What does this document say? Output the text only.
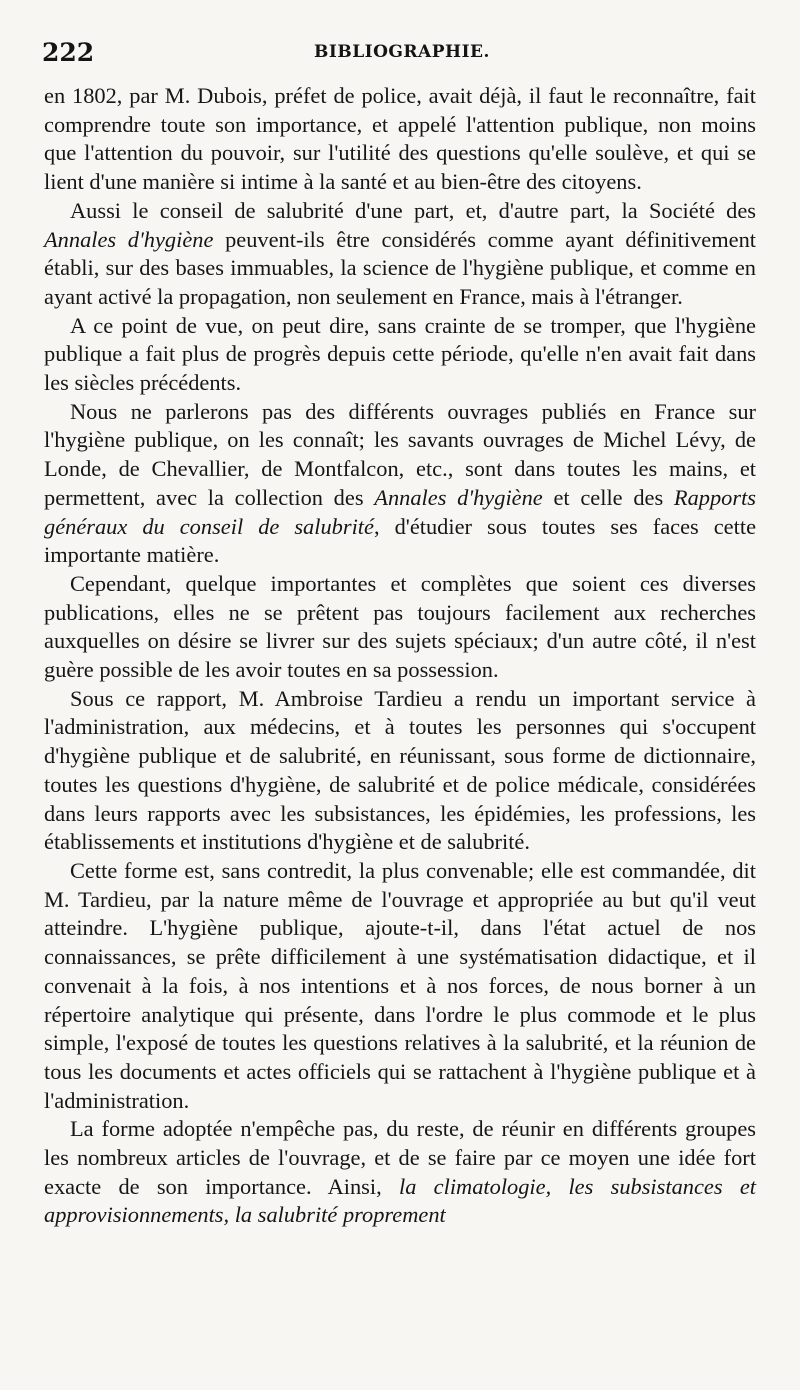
222	BIBLIOGRAPHIE.

en 1802, par M. Dubois, préfet de police, avait déjà, il faut le reconnaître, fait comprendre toute son importance, et appelé l'attention publique, non moins que l'attention du pouvoir, sur l'utilité des questions qu'elle soulève, et qui se lient d'une manière si intime à la santé et au bien-être des citoyens.

Aussi le conseil de salubrité d'une part, et, d'autre part, la Société des Annales d'hygiène peuvent-ils être considérés comme ayant définitivement établi, sur des bases immuables, la science de l'hygiène publique, et comme en ayant activé la propagation, non seulement en France, mais à l'étranger.

A ce point de vue, on peut dire, sans crainte de se tromper, que l'hygiène publique a fait plus de progrès depuis cette période, qu'elle n'en avait fait dans les siècles précédents.

Nous ne parlerons pas des différents ouvrages publiés en France sur l'hygiène publique, on les connaît; les savants ouvrages de Michel Lévy, de Londe, de Chevallier, de Montfalcon, etc., sont dans toutes les mains, et permettent, avec la collection des Annales d'hygiène et celle des Rapports généraux du conseil de salubrité, d'étudier sous toutes ses faces cette importante matière.

Cependant, quelque importantes et complètes que soient ces diverses publications, elles ne se prêtent pas toujours facilement aux recherches auxquelles on désire se livrer sur des sujets spéciaux; d'un autre côté, il n'est guère possible de les avoir toutes en sa possession.

Sous ce rapport, M. Ambroise Tardieu a rendu un important service à l'administration, aux médecins, et à toutes les personnes qui s'occupent d'hygiène publique et de salubrité, en réunissant, sous forme de dictionnaire, toutes les questions d'hygiène, de salubrité et de police médicale, considérées dans leurs rapports avec les subsistances, les épidémies, les professions, les établissements et institutions d'hygiène et de salubrité.

Cette forme est, sans contredit, la plus convenable; elle est commandée, dit M. Tardieu, par la nature même de l'ouvrage et appropriée au but qu'il veut atteindre. L'hygiène publique, ajoute-t-il, dans l'état actuel de nos connaissances, se prête difficilement à une systématisation didactique, et il convenait à la fois, à nos intentions et à nos forces, de nous borner à un répertoire analytique qui présente, dans l'ordre le plus commode et le plus simple, l'exposé de toutes les questions relatives à la salubrité, et la réunion de tous les documents et actes officiels qui se rattachent à l'hygiène publique et à l'administration.

La forme adoptée n'empêche pas, du reste, de réunir en différents groupes les nombreux articles de l'ouvrage, et de se faire par ce moyen une idée fort exacte de son importance. Ainsi, la climatologie, les subsistances et approvisionnements, la salubrité proprement
